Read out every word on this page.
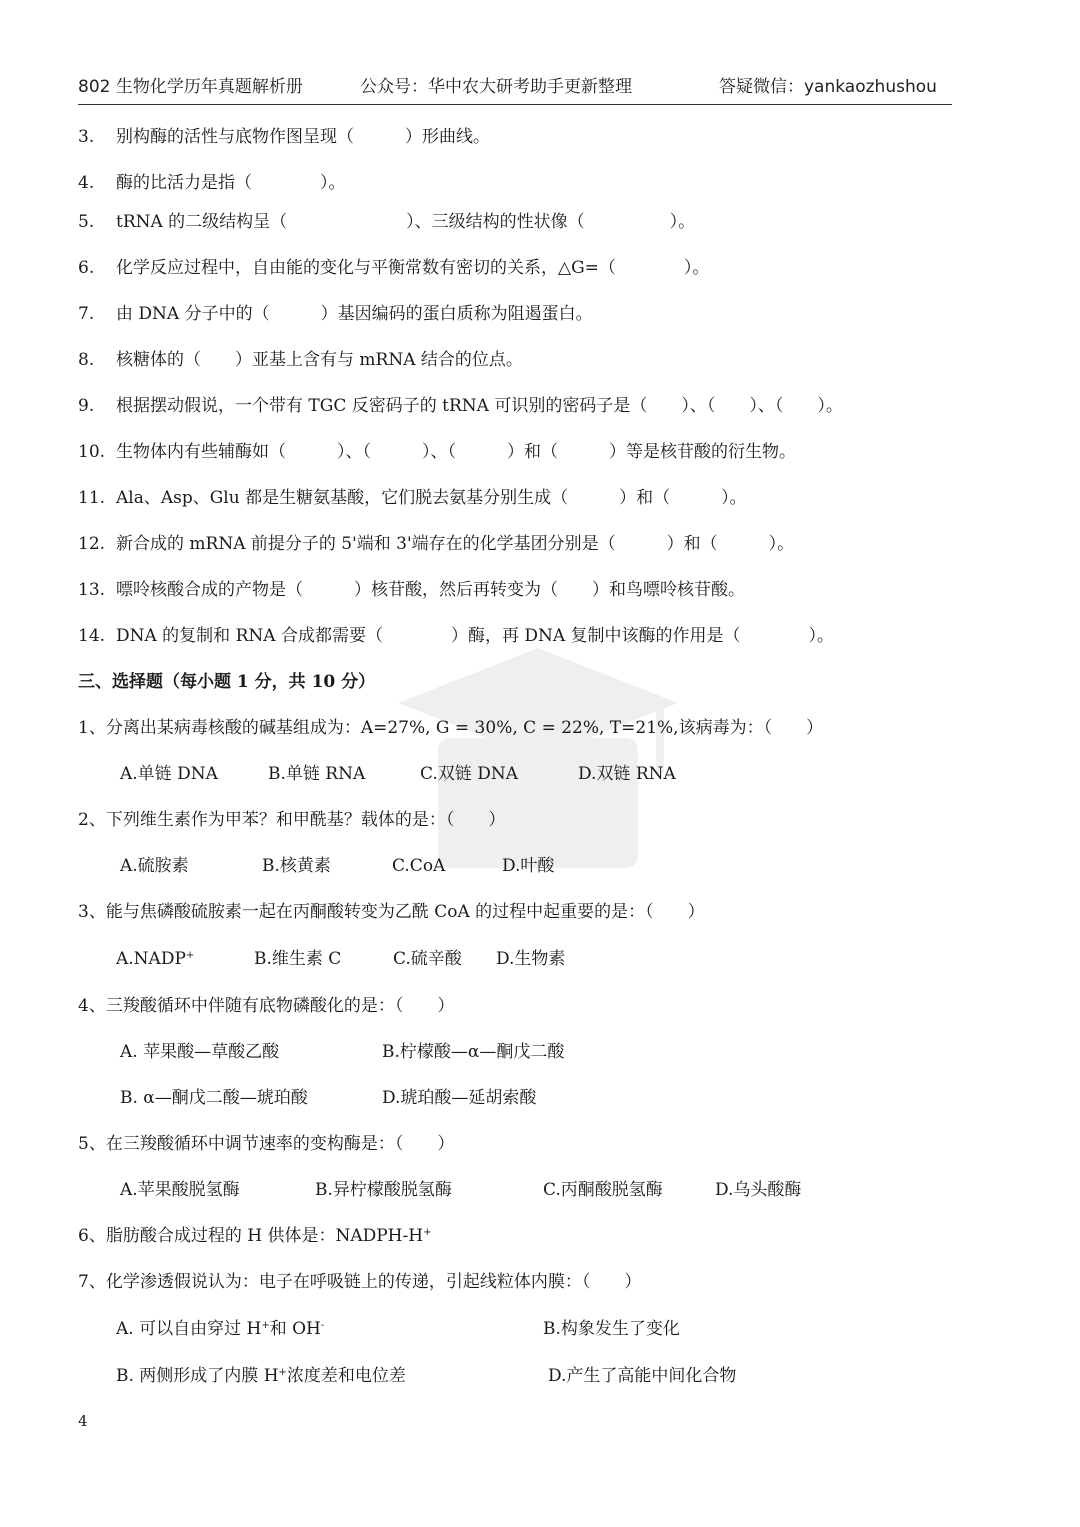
802 生物化学历年真题解析册	公众号：华中农大研考助手更新整理	答疑微信：yankaozhushou
3. 别构酶的活性与底物作图呈现（　　　）形曲线。
4. 酶的比活力是指（　　　　）。
5. tRNA 的二级结构呈（　　　　　　　）、三级结构的性状像（　　　　　）。
6. 化学反应过程中，自由能的变化与平衡常数有密切的关系，△G=（　　　　）。
7. 由 DNA 分子中的（　　　）基因编码的蛋白质称为阻遏蛋白。
8. 核糖体的（　　）亚基上含有与 mRNA 结合的位点。
9. 根据摆动假说，一个带有 TGC 反密码子的 tRNA 可识别的密码子是（　　）、（　　）、（　　）。
10. 生物体内有些辅酶如（　　　）、（　　　）、（　　　）和（　　　）等是核苷酸的衍生物。
11. Ala、Asp、Glu 都是生糖氨基酸，它们脱去氨基分别生成（　　　）和（　　　）。
12. 新合成的 mRNA 前提分子的 5'端和 3'端存在的化学基团分别是（　　　）和（　　　）。
13. 嘌呤核酸合成的产物是（　　　）核苷酸，然后再转变为（　　）和鸟嘌呤核苷酸。
14. DNA 的复制和 RNA 合成都需要（　　　　）酶，再 DNA 复制中该酶的作用是（　　　　）。
三、选择题（每小题 1 分，共 10 分）
1、分离出某病毒核酸的碱基组成为：A=27%, G = 30%, C = 22%, T=21%,该病毒为：（　　）
A.单链 DNA	B.单链 RNA	C.双链 DNA	D.双链 RNA
2、下列维生素作为甲苯？和甲酰基？载体的是：（　　）
A.硫胺素	B.核黄素	C.CoA	D.叶酸
3、能与焦磷酸硫胺素一起在丙酮酸转变为乙酰 CoA 的过程中起重要的是：（　　）
A.NADP+	B.维生素 C	C.硫辛酸 D.生物素
4、三羧酸循环中伴随有底物磷酸化的是：（　　）
A. 苹果酸—草酸乙酸	B.柠檬酸—α—酮戊二酸
B. α—酮戊二酸—琥珀酸	D.琥珀酸—延胡索酸
5、在三羧酸循环中调节速率的变构酶是：（　　）
A.苹果酸脱氢酶	B.异柠檬酸脱氢酶	C.丙酮酸脱氢酶	D.乌头酸酶
6、脂肪酸合成过程的 H 供体是：NADPH-H+
7、化学渗透假说认为：电子在呼吸链上的传递，引起线粒体内膜：（　　）
A. 可以自由穿过 H+和 OH-	B.构象发生了变化
B. 两侧形成了内膜 H+浓度差和电位差	D.产生了高能中间化合物
4
